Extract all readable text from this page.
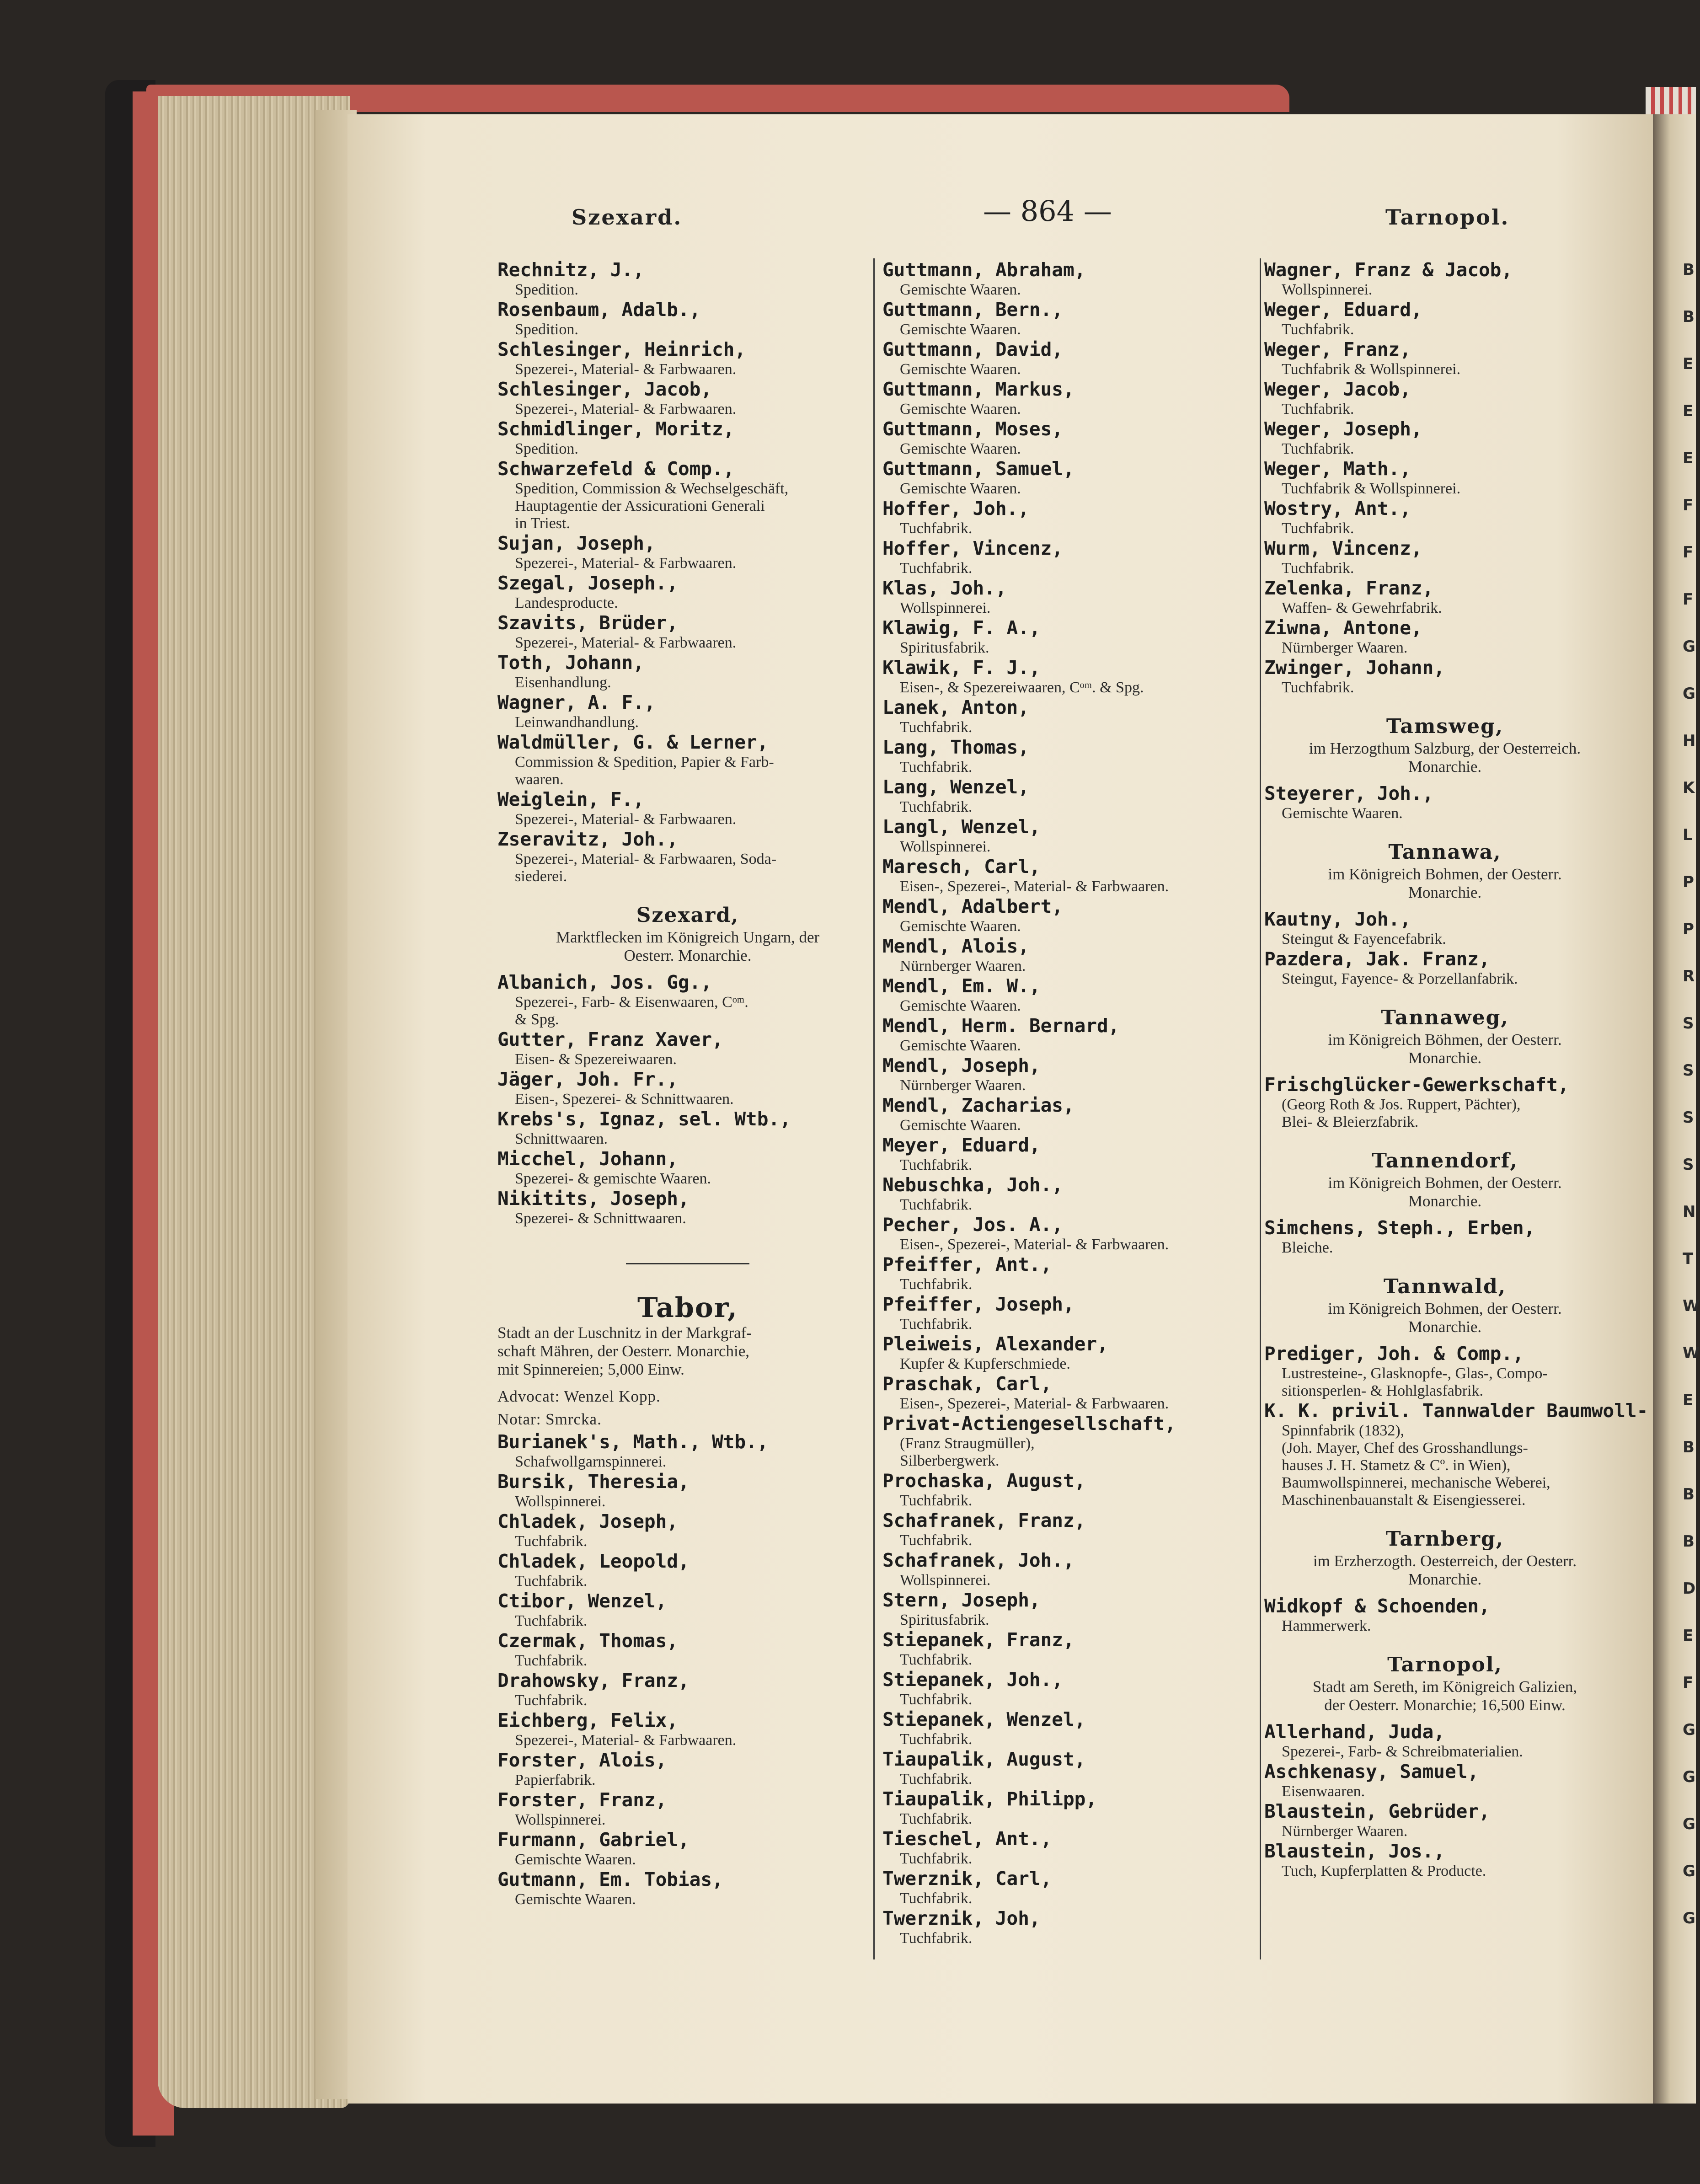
B
B
E
E
E
F
F
F
G
G
H
K
L
P
P
R
S
S
S
S
N
T
W
W
E
B
B
B
D
E
F
G
G
G
G
G
Szexard.	— 864 —	Tarnopol.
Rechnitz, J.,
Spedition.
Rosenbaum, Adalb.,
Spedition.
Schlesinger, Heinrich,
Spezerei-, Material- & Farbwaaren.
Schlesinger, Jacob,
Spezerei-, Material- & Farbwaaren.
Schmidlinger, Moritz,
Spedition.
Schwarzefeld & Comp.,
Spedition, Commission & Wechselgeschäft,
Hauptagentie der Assicurationi Generali
in Triest.
Sujan, Joseph,
Spezerei-, Material- & Farbwaaren.
Szegal, Joseph.,
Landesproducte.
Szavits, Brüder,
Spezerei-, Material- & Farbwaaren.
Toth, Johann,
Eisenhandlung.
Wagner, A. F.,
Leinwandhandlung.
Waldmüller, G. & Lerner,
Commission & Spedition, Papier & Farb-
waaren.
Weiglein, F.,
Spezerei-, Material- & Farbwaaren.
Zseravitz, Joh.,
Spezerei-, Material- & Farbwaaren, Soda-
siederei.
Szexard,
Marktflecken im Königreich Ungarn, der
Oesterr. Monarchie.
Albanich, Jos. Gg.,
Spezerei-, Farb- & Eisenwaaren, Cᵒᵐ.
& Spg.
Gutter, Franz Xaver,
Eisen- & Spezereiwaaren.
Jäger, Joh. Fr.,
Eisen-, Spezerei- & Schnittwaaren.
Krebs's, Ignaz, sel. Wtb.,
Schnittwaaren.
Micchel, Johann,
Spezerei- & gemischte Waaren.
Nikitits, Joseph,
Spezerei- & Schnittwaaren.
Tabor,
Stadt an der Luschnitz in der Markgraf-
schaft Mähren, der Oesterr. Monarchie,
mit Spinnereien; 5,000 Einw.
Advocat: Wenzel Kopp.
Notar: Smrcka.
Burianek's, Math., Wtb.,
Schafwollgarnspinnerei.
Bursik, Theresia,
Wollspinnerei.
Chladek, Joseph,
Tuchfabrik.
Chladek, Leopold,
Tuchfabrik.
Ctibor, Wenzel,
Tuchfabrik.
Czermak, Thomas,
Tuchfabrik.
Drahowsky, Franz,
Tuchfabrik.
Eichberg, Felix,
Spezerei-, Material- & Farbwaaren.
Forster, Alois,
Papierfabrik.
Forster, Franz,
Wollspinnerei.
Furmann, Gabriel,
Gemischte Waaren.
Gutmann, Em. Tobias,
Gemischte Waaren.
Guttmann, Abraham,
Gemischte Waaren.
Guttmann, Bern.,
Gemischte Waaren.
Guttmann, David,
Gemischte Waaren.
Guttmann, Markus,
Gemischte Waaren.
Guttmann, Moses,
Gemischte Waaren.
Guttmann, Samuel,
Gemischte Waaren.
Hoffer, Joh.,
Tuchfabrik.
Hoffer, Vincenz,
Tuchfabrik.
Klas, Joh.,
Wollspinnerei.
Klawig, F. A.,
Spiritusfabrik.
Klawik, F. J.,
Eisen-, & Spezereiwaaren, Cᵒᵐ. & Spg.
Lanek, Anton,
Tuchfabrik.
Lang, Thomas,
Tuchfabrik.
Lang, Wenzel,
Tuchfabrik.
Langl, Wenzel,
Wollspinnerei.
Maresch, Carl,
Eisen-, Spezerei-, Material- & Farbwaaren.
Mendl, Adalbert,
Gemischte Waaren.
Mendl, Alois,
Nürnberger Waaren.
Mendl, Em. W.,
Gemischte Waaren.
Mendl, Herm. Bernard,
Gemischte Waaren.
Mendl, Joseph,
Nürnberger Waaren.
Mendl, Zacharias,
Gemischte Waaren.
Meyer, Eduard,
Tuchfabrik.
Nebuschka, Joh.,
Tuchfabrik.
Pecher, Jos. A.,
Eisen-, Spezerei-, Material- & Farbwaaren.
Pfeiffer, Ant.,
Tuchfabrik.
Pfeiffer, Joseph,
Tuchfabrik.
Pleiweis, Alexander,
Kupfer & Kupferschmiede.
Praschak, Carl,
Eisen-, Spezerei-, Material- & Farbwaaren.
Privat-Actiengesellschaft,
(Franz Straugmüller),
Silberbergwerk.
Prochaska, August,
Tuchfabrik.
Schafranek, Franz,
Tuchfabrik.
Schafranek, Joh.,
Wollspinnerei.
Stern, Joseph,
Spiritusfabrik.
Stiepanek, Franz,
Tuchfabrik.
Stiepanek, Joh.,
Tuchfabrik.
Stiepanek, Wenzel,
Tuchfabrik.
Tiaupalik, August,
Tuchfabrik.
Tiaupalik, Philipp,
Tuchfabrik.
Tieschel, Ant.,
Tuchfabrik.
Twerznik, Carl,
Tuchfabrik.
Twerznik, Joh,
Tuchfabrik.
Wagner, Franz & Jacob,
Wollspinnerei.
Weger, Eduard,
Tuchfabrik.
Weger, Franz,
Tuchfabrik & Wollspinnerei.
Weger, Jacob,
Tuchfabrik.
Weger, Joseph,
Tuchfabrik.
Weger, Math.,
Tuchfabrik & Wollspinnerei.
Wostry, Ant.,
Tuchfabrik.
Wurm, Vincenz,
Tuchfabrik.
Zelenka, Franz,
Waffen- & Gewehrfabrik.
Ziwna, Antone,
Nürnberger Waaren.
Zwinger, Johann,
Tuchfabrik.
Tamsweg,
im Herzogthum Salzburg, der Oesterreich.
Monarchie.
Steyerer, Joh.,
Gemischte Waaren.
Tannawa,
im Königreich Bohmen, der Oesterr.
Monarchie.
Kautny, Joh.,
Steingut & Fayencefabrik.
Pazdera, Jak. Franz,
Steingut, Fayence- & Porzellanfabrik.
Tannaweg,
im Königreich Böhmen, der Oesterr.
Monarchie.
Frischglücker-Gewerkschaft,
(Georg Roth & Jos. Ruppert, Pächter),
Blei- & Bleierzfabrik.
Tannendorf,
im Königreich Bohmen, der Oesterr.
Monarchie.
Simchens, Steph., Erben,
Bleiche.
Tannwald,
im Königreich Bohmen, der Oesterr.
Monarchie.
Prediger, Joh. & Comp.,
Lustresteine-, Glasknopfe-, Glas-, Compo-
sitionsperlen- & Hohlglasfabrik.
K. K. privil. Tannwalder Baumwoll-
Spinnfabrik (1832),
(Joh. Mayer, Chef des Grosshandlungs-
hauses J. H. Stametz & Cº. in Wien),
Baumwollspinnerei, mechanische Weberei,
Maschinenbauanstalt & Eisengiesserei.
Tarnberg,
im Erzherzogth. Oesterreich, der Oesterr.
Monarchie.
Widkopf & Schoenden,
Hammerwerk.
Tarnopol,
Stadt am Sereth, im Königreich Galizien,
der Oesterr. Monarchie; 16,500 Einw.
Allerhand, Juda,
Spezerei-, Farb- & Schreibmaterialien.
Aschkenasy, Samuel,
Eisenwaaren.
Blaustein, Gebrüder,
Nürnberger Waaren.
Blaustein, Jos.,
Tuch, Kupferplatten & Producte.
